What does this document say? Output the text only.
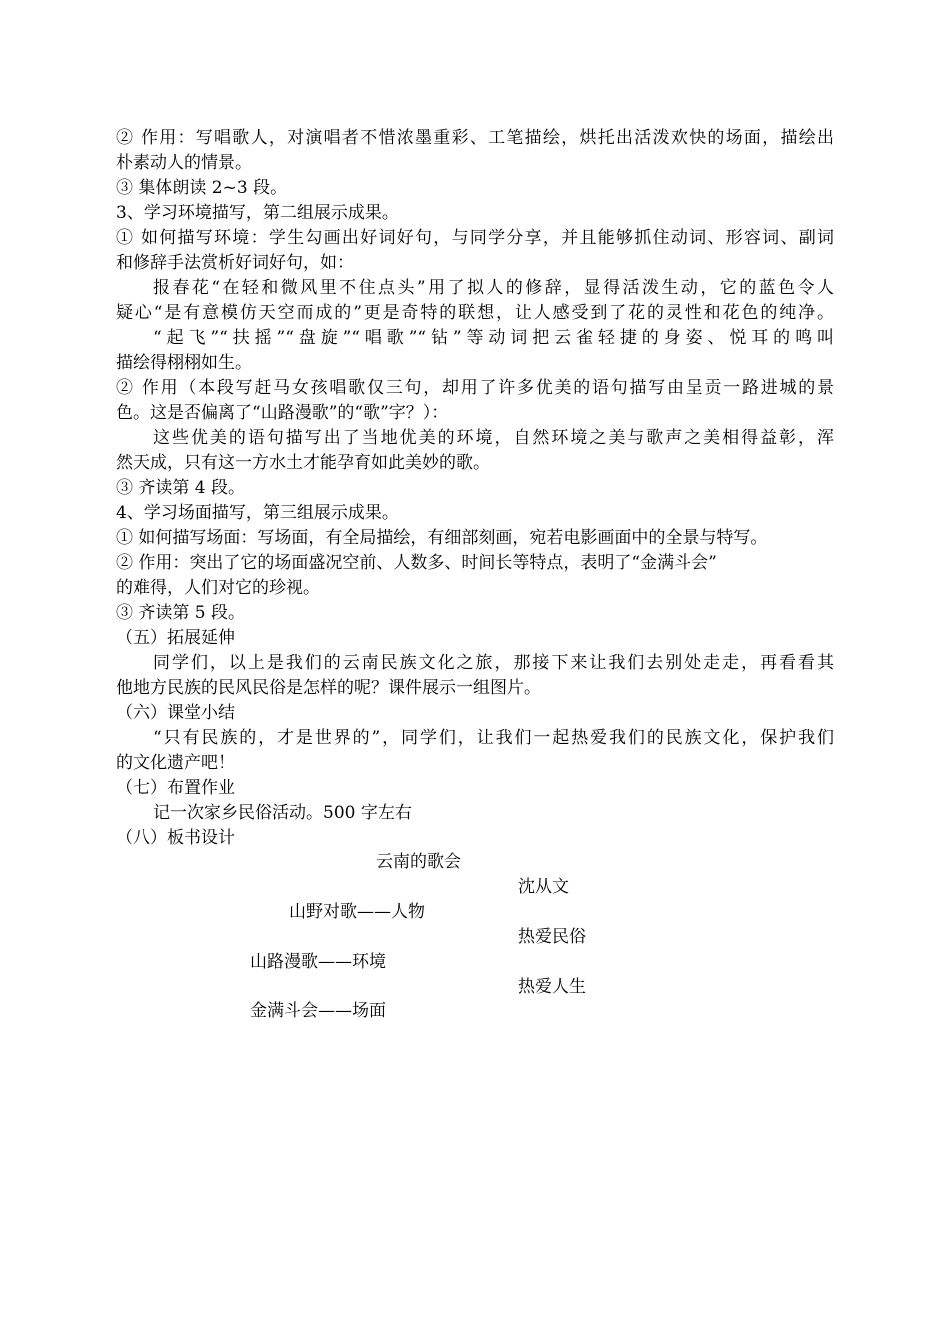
② 作用：写唱歌人，对演唱者不惜浓墨重彩、工笔描绘，烘托出活泼欢快的场面，描绘出
朴素动人的情景。
③ 集体朗读 2~3 段。
3、学习环境描写，第二组展示成果。
① 如何描写环境：学生勾画出好词好句，与同学分享，并且能够抓住动词、形容词、副词
和修辞手法赏析好词好句，如：
报春花“在轻和微风里不住点头”用了拟人的修辞，显得活泼生动，它的蓝色令人
疑心“是有意模仿天空而成的”更是奇特的联想，让人感受到了花的灵性和花色的纯净。
“起飞”“扶摇”“盘旋”“唱歌”“钻”等动词把云雀轻捷的身姿、悦耳的鸣叫
描绘得栩栩如生。
② 作用（本段写赶马女孩唱歌仅三句，却用了许多优美的语句描写由呈贡一路进城的景
色。这是否偏离了“山路漫歌”的“歌”字？）：
这些优美的语句描写出了当地优美的环境，自然环境之美与歌声之美相得益彰，浑
然天成，只有这一方水土才能孕育如此美妙的歌。
③ 齐读第 4 段。
4、学习场面描写，第三组展示成果。
① 如何描写场面：写场面，有全局描绘，有细部刻画，宛若电影画面中的全景与特写。
② 作用：突出了它的场面盛况空前、人数多、时间长等特点，表明了“金满斗会”
的难得，人们对它的珍视。
③ 齐读第 5 段。
（五）拓展延伸
同学们，以上是我们的云南民族文化之旅，那接下来让我们去别处走走，再看看其
他地方民族的民风民俗是怎样的呢？课件展示一组图片。
（六）课堂小结
“只有民族的，才是世界的”，同学们，让我们一起热爱我们的民族文化，保护我们
的文化遗产吧！
（七）布置作业
记一次家乡民俗活动。500 字左右
（八）板书设计
云南的歌会
沈从文
山野对歌——人物
热爱民俗
山路漫歌——环境
热爱人生
金满斗会——场面
